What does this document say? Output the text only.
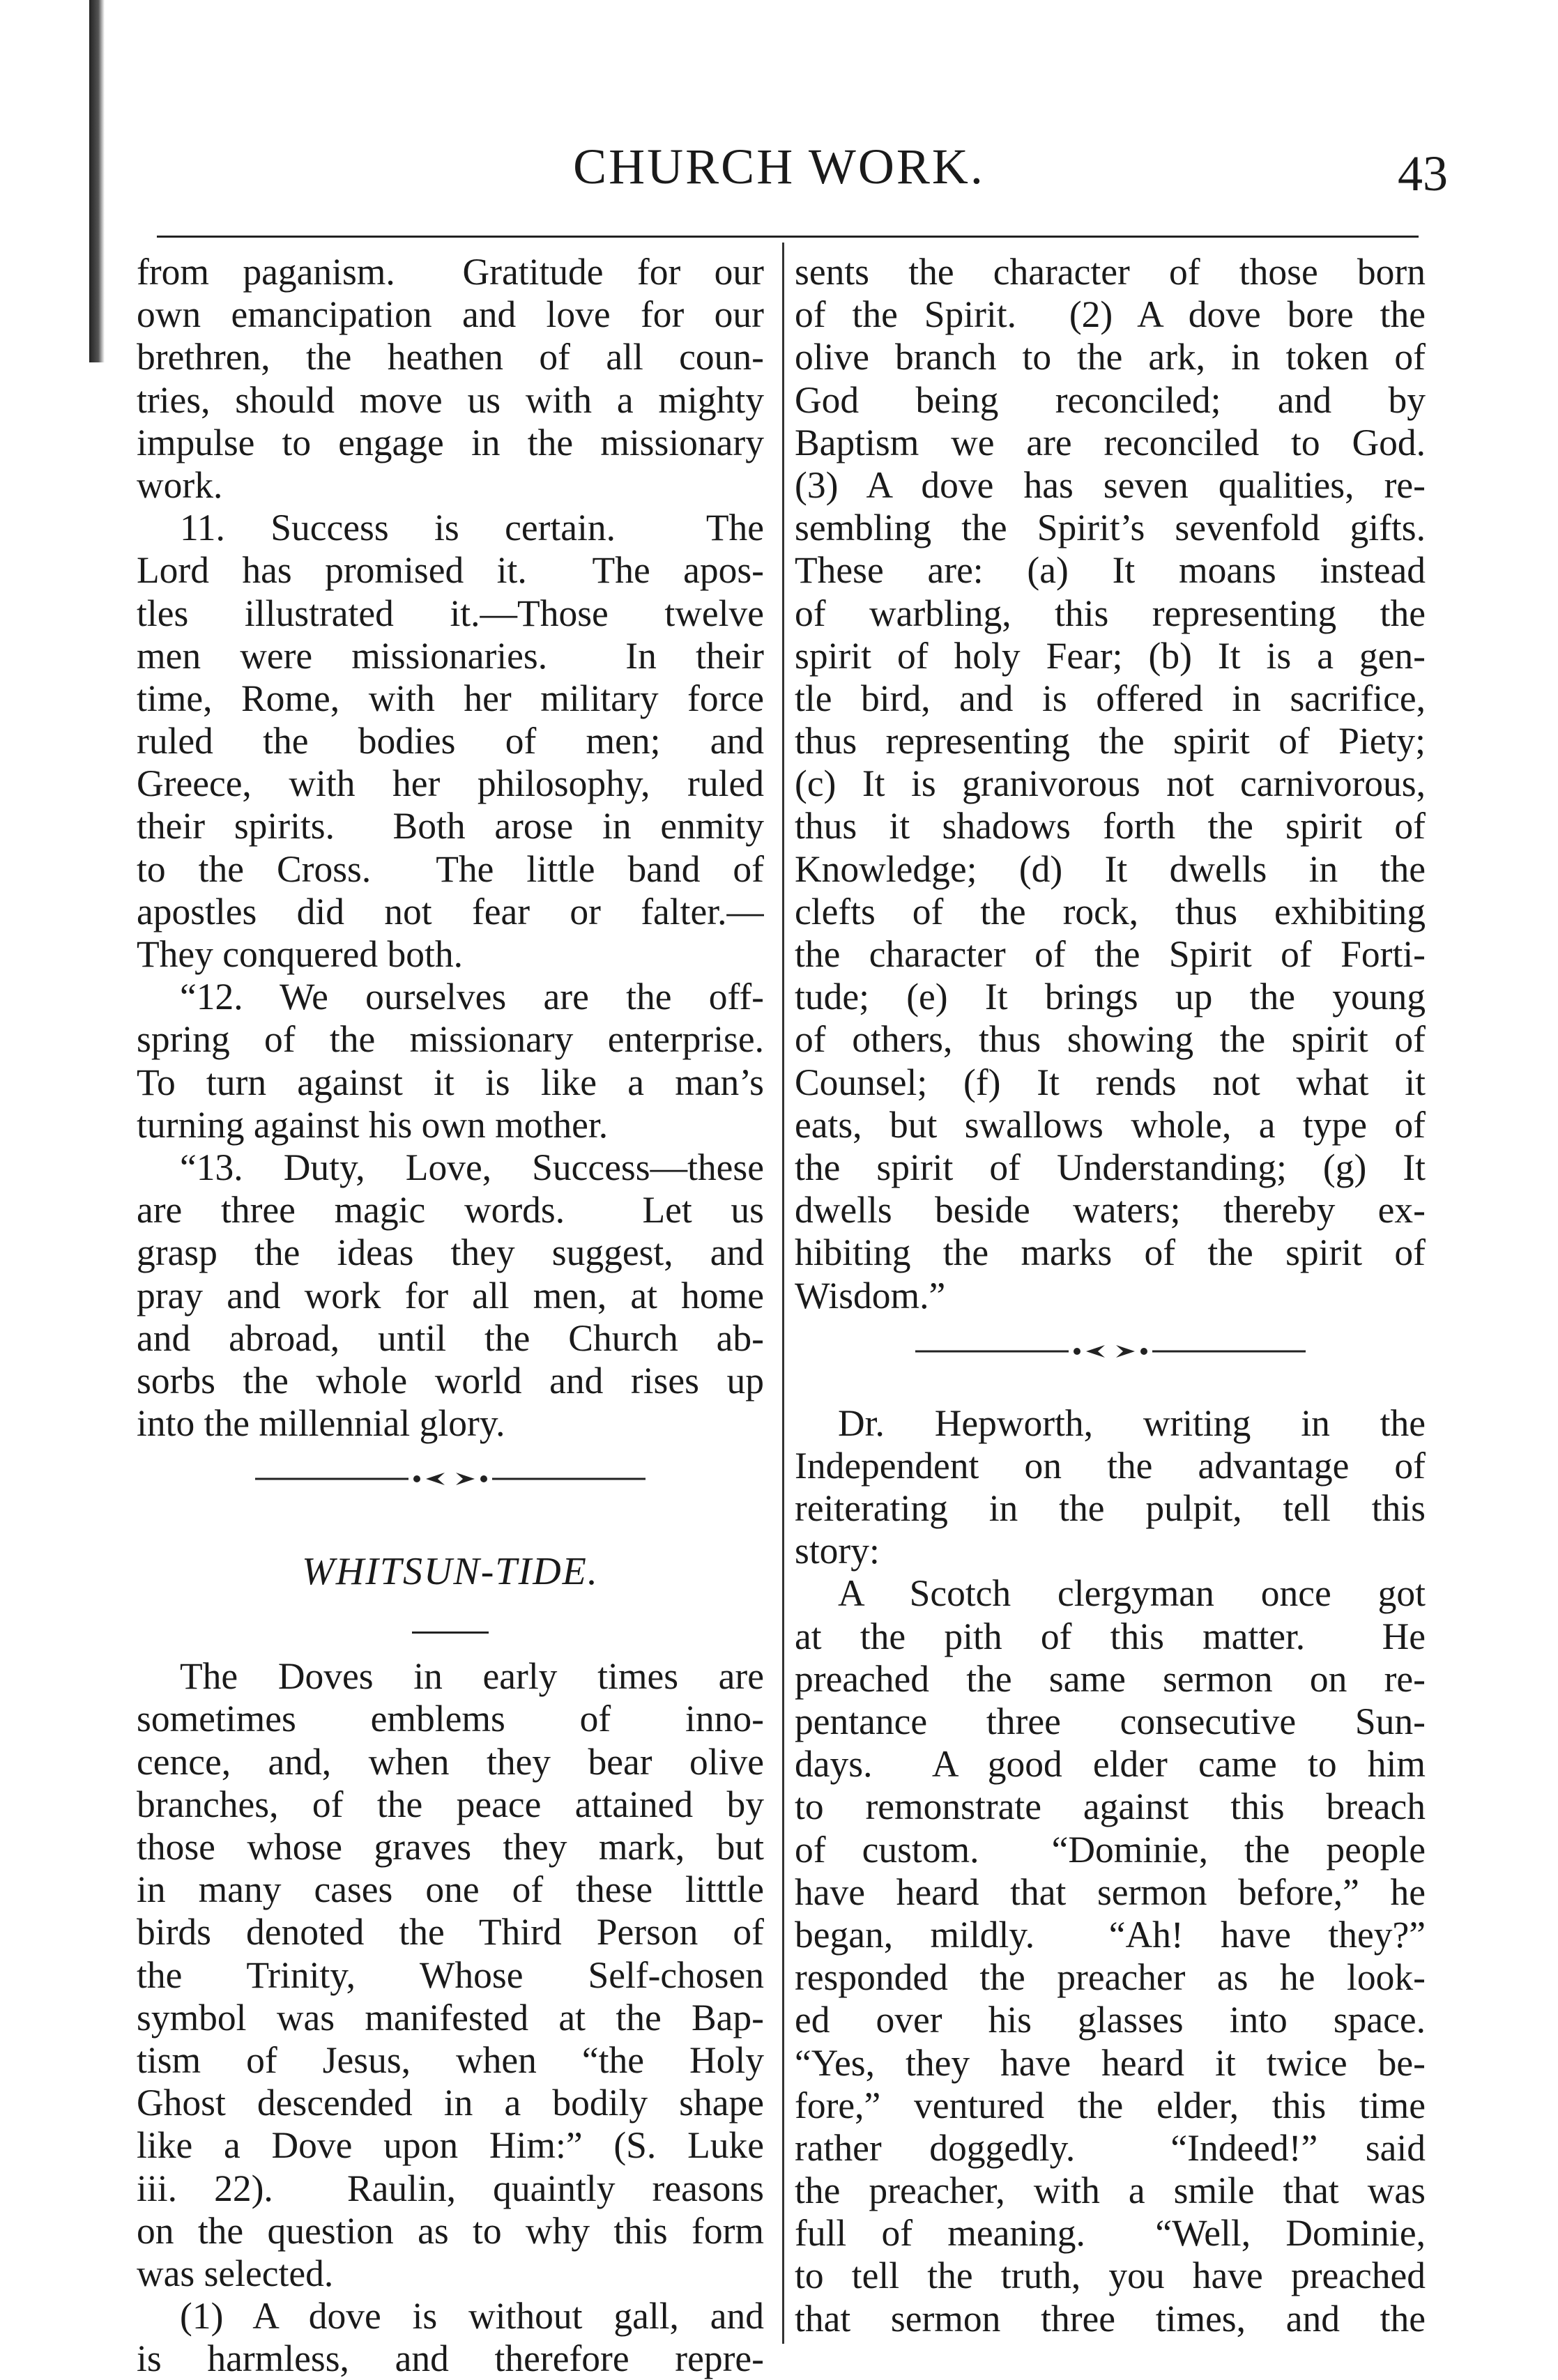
CHURCH WORK.	43
from paganism.  Gratitude for our
own emancipation and love for our
brethren, the heathen of all coun-
tries, should move us with a mighty
impulse to engage in the missionary
work.
11. Success is certain.  The
Lord has promised it.  The apos-
tles illustrated it.—Those twelve
men were missionaries.  In their
time, Rome, with her military force
ruled the bodies of men; and
Greece, with her philosophy, ruled
their spirits.  Both arose in enmity
to the Cross.  The little band of
apostles did not fear or falter.—
They conquered both.
“12. We ourselves are the off-
spring of the missionary enterprise.
To turn against it is like a man’s
turning against his own mother.
“13. Duty, Love, Success—these
are three magic words.  Let us
grasp the ideas they suggest, and
pray and work for all men, at home
and abroad, until the Church ab-
sorbs the whole world and rises up
into the millennial glory.
WHITSUN-TIDE.
The Doves in early times are
sometimes emblems of inno-
cence, and, when they bear olive
branches, of the peace attained by
those whose graves they mark, but
in many cases one of these litttle
birds denoted the Third Person of
the Trinity, Whose Self-chosen
symbol was manifested at the Bap-
tism of Jesus, when “the Holy
Ghost descended in a bodily shape
like a Dove upon Him:” (S. Luke
iii. 22).  Raulin, quaintly reasons
on the question as to why this form
was selected.
(1) A dove is without gall, and
is harmless, and therefore repre-
sents the character of those born
of the Spirit.  (2) A dove bore the
olive branch to the ark, in token of
God being reconciled; and by
Baptism we are reconciled to God.
(3) A dove has seven qualities, re-
sembling the Spirit’s sevenfold gifts.
These are: (a) It moans instead
of warbling, this representing the
spirit of holy Fear; (b) It is a gen-
tle bird, and is offered in sacrifice,
thus representing the spirit of Piety;
(c) It is granivorous not carnivorous,
thus it shadows forth the spirit of
Knowledge; (d) It dwells in the
clefts of the rock, thus exhibiting
the character of the Spirit of Forti-
tude; (e) It brings up the young
of others, thus showing the spirit of
Counsel; (f) It rends not what it
eats, but swallows whole, a type of
the spirit of Understanding; (g) It
dwells beside waters; thereby ex-
hibiting the marks of the spirit of
Wisdom.”
Dr. Hepworth, writing in the
Independent on the advantage of
reiterating in the pulpit, tell this
story:
A Scotch clergyman once got
at the pith of this matter.  He
preached the same sermon on re-
pentance three consecutive Sun-
days.  A good elder came to him
to remonstrate against this breach
of custom.  “Dominie, the people
have heard that sermon before,” he
began, mildly.  “Ah! have they?”
responded the preacher as he look-
ed over his glasses into space.
“Yes, they have heard it twice be-
fore,” ventured the elder, this time
rather doggedly.  “Indeed!” said
the preacher, with a smile that was
full of meaning.  “Well, Dominie,
to tell the truth, you have preached
that sermon three times, and the
